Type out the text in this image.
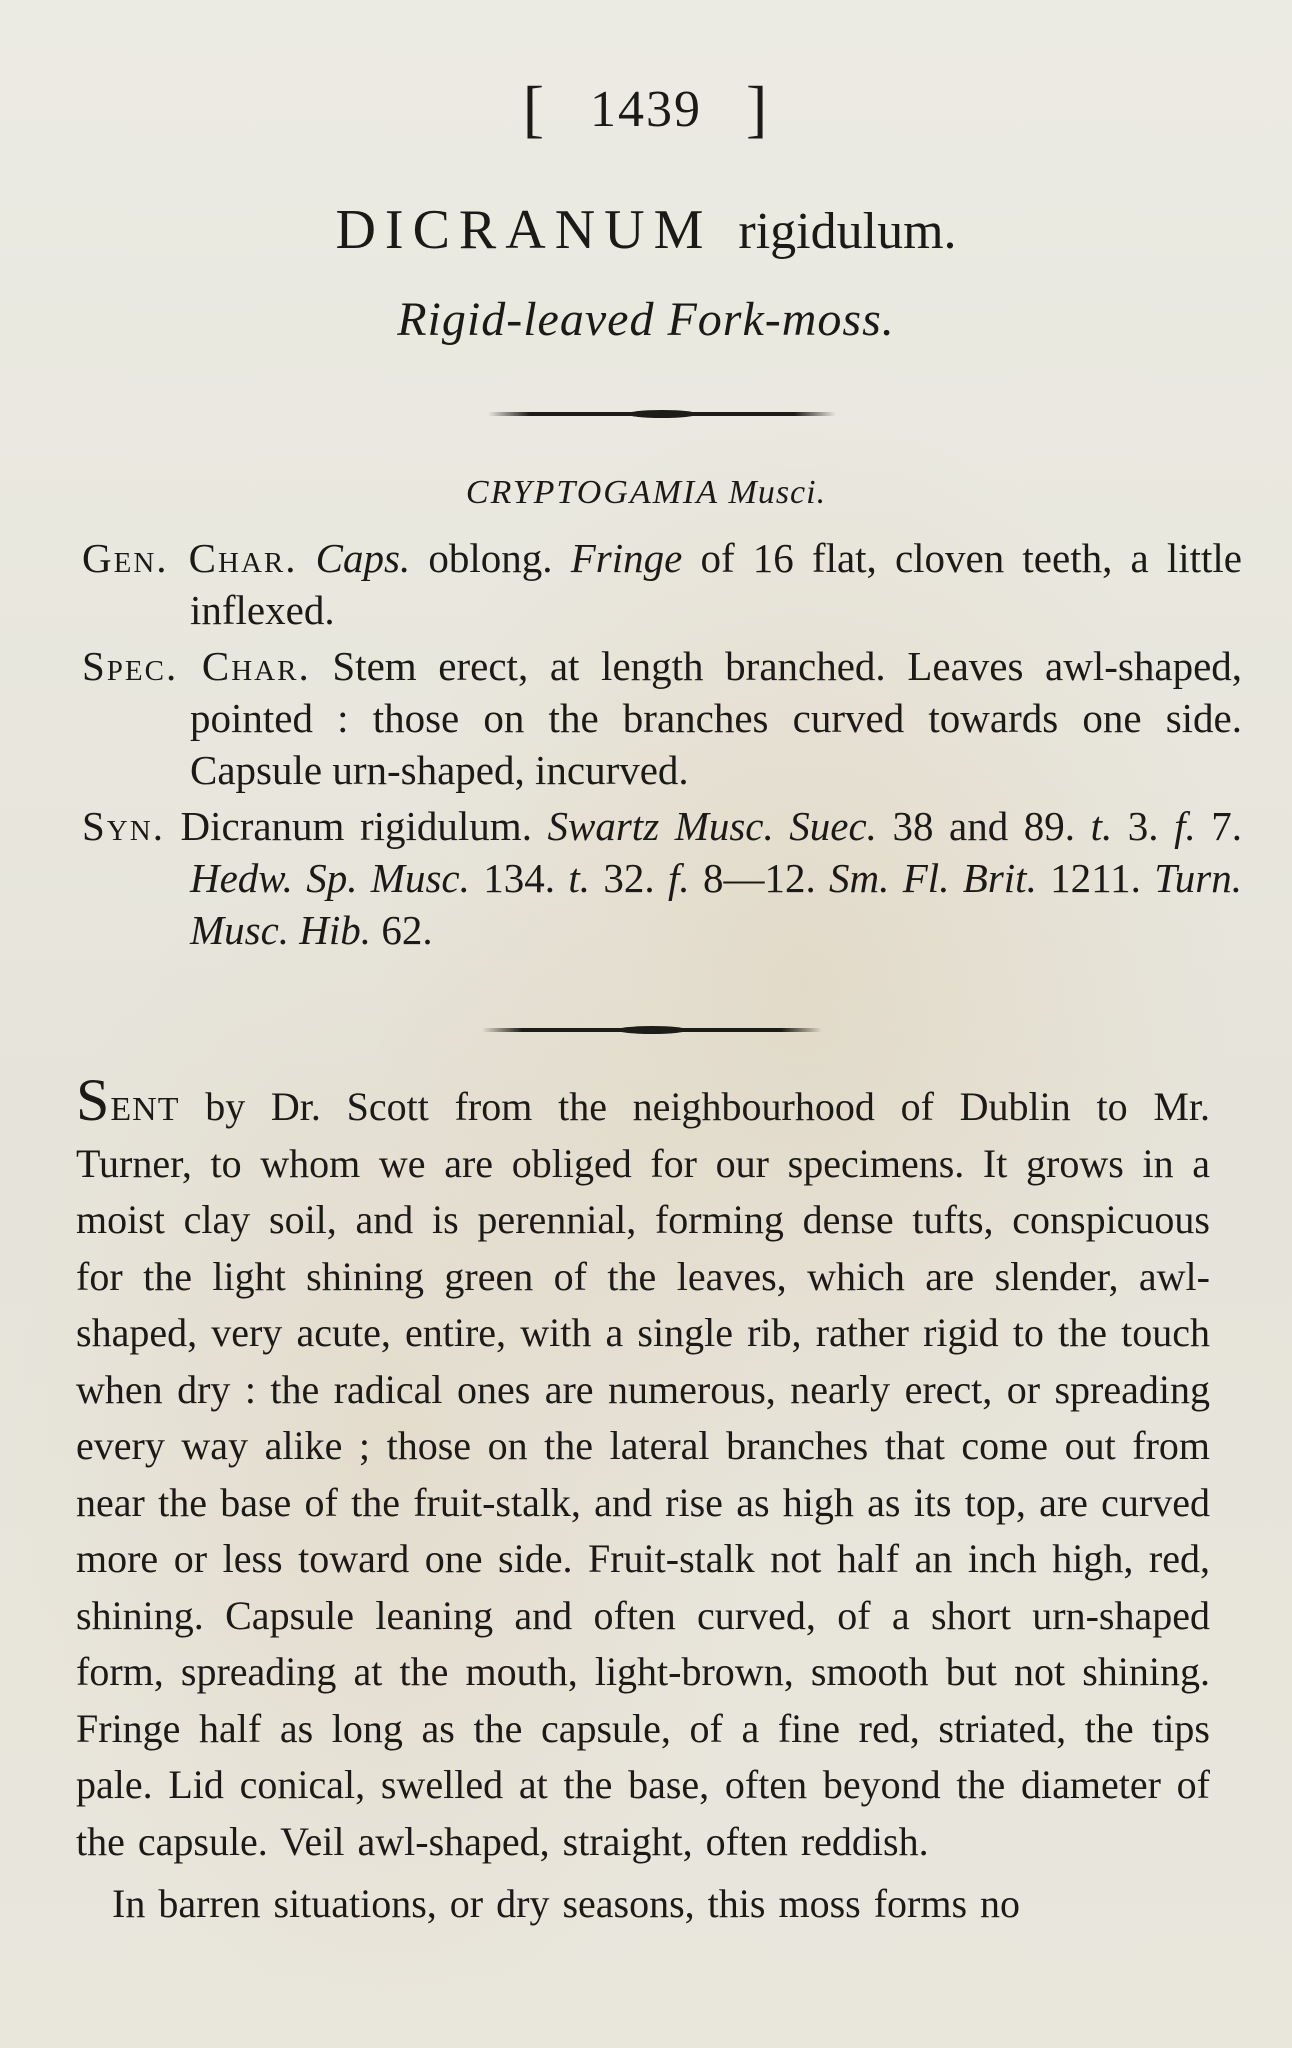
[ 1439 ]
DICRANUM rigidulum.
Rigid-leaved Fork-moss.
CRYPTOGAMIA Musci.
Gen. Char. Caps. oblong. Fringe of 16 flat, cloven teeth, a little inflexed.
Spec. Char. Stem erect, at length branched. Leaves awl-shaped, pointed : those on the branches curved towards one side. Capsule urn-shaped, incurved.
Syn. Dicranum rigidulum. Swartz Musc. Suec. 38 and 89. t. 3. f. 7. Hedw. Sp. Musc. 134. t. 32. f. 8—12. Sm. Fl. Brit. 1211. Turn. Musc. Hib. 62.

Sent by Dr. Scott from the neighbourhood of Dublin to Mr. Turner, to whom we are obliged for our specimens. It grows in a moist clay soil, and is perennial, forming dense tufts, conspicuous for the light shining green of the leaves, which are slender, awl-shaped, very acute, entire, with a single rib, rather rigid to the touch when dry : the radical ones are numerous, nearly erect, or spreading every way alike ; those on the lateral branches that come out from near the base of the fruit-stalk, and rise as high as its top, are curved more or less toward one side. Fruit-stalk not half an inch high, red, shining. Capsule leaning and often curved, of a short urn-shaped form, spreading at the mouth, light-brown, smooth but not shining. Fringe half as long as the capsule, of a fine red, striated, the tips pale. Lid conical, swelled at the base, often beyond the diameter of the capsule. Veil awl-shaped, straight, often reddish.

In barren situations, or dry seasons, this moss forms no
